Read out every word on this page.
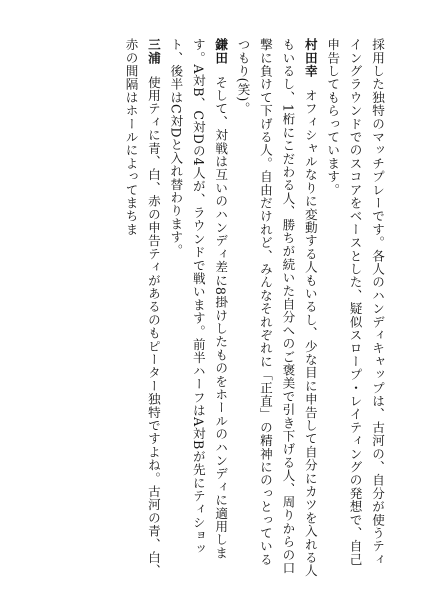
採用した独特のマッチプレーです。各人のハンディキャップは、古河の、自分が使うティイングラウンドでのスコアをベースとした、疑似スロープ・レイティングの発想で、自己申告してもらっています。

村田幸オフィシャルなりに変動する人もいるし、少な目に申告して自分にカツを入れる人もいるし、1桁にこだわる人、勝ちが続いた自分へのご褒美で引き下げる人、周りからの口撃に負けて下げる人。自由だけれど、みんなそれぞれに「正直」の精神にのっとっているつもり(笑)。

鎌田そして、対戦は互いのハンディ差に8掛けしたものをホールのハンディに適用します。A対B、C対Dの4人が、ラウンドで戦います。前半ハーフはA対Bが先にティショット、後半はC対Dと入れ替わります。

三浦使用ティに青、白、赤の申告ティがあるのもピーター独特ですよね。古河の青、白、赤の間隔はホールによってまちま
